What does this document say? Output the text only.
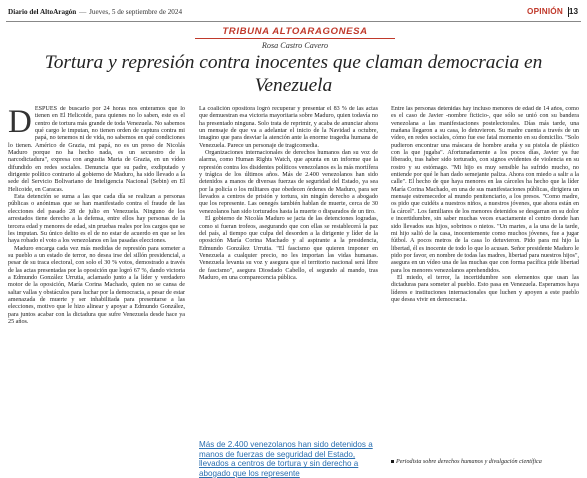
Diario del AltoAragón — Jueves, 5 de septiembre de 2024	OPINIÓN 13
TRIBUNA ALTOARAGONESA
Rosa Castro Cavero
Tortura y represión contra inocentes que claman democracia en Venezuela
D ESPUÉS de buscarlo por 24 horas nos enteramos que lo tienen en El Helicoide, para quienes no lo saben, este es el centro de tortura más grande de toda Venezuela. No sabemos qué cargo le imputan, no tienen orden de captura contra mi papá, no tenemos ni de vida, no sabemos en qué condiciones lo tienen. Américo de Grazia, mi papá, no es un preso de Nicolás Maduro porque no ha hecho nada, es un secuestro de la narcodictadura", expresa con angustia Marta de Grazia, en un vídeo difundido en redes sociales. Denuncia que su padre, exdiputado y dirigente político contrario al gobierno de Maduro, ha sido llevado a la sede del Servicio Bolivariano de Inteligencia Nacional (Sebin) en El Helicoide, en Caracas.

Esta detención se suma a las que cada día se realizan a personas públicas o anónimas que se han manifestado contra el fraude de las elecciones del pasado 28 de julio en Venezuela. Ninguno de los arrestados tiene derecho a la defensa, entre ellos hay personas de la tercera edad y menores de edad, sin pruebas reales por los cargos que se les imputan. Su único delito es el de no estar de acuerdo en que se les haya robado el voto a los venezolanos en las pasadas elecciones.

Maduro encarga cada vez más medidas de represión para someter a su pueblo a un estado de terror, no desea irse del sillón presidencial, a pesar de su traca electoral, con solo el 30 % votos, demostrado a través de las actas presentadas por la oposición que logró 67 %, dando victoria a Edmundo González Urrutia, aclamado junto a la líder y verdadero motor de la oposición, María Corina Machado, quien no se cansa de saltar vallas y obstáculos para luchar por la democracia, a pesar de estar amenazada de muerte y ser inhabilitada para presentarse a las elecciones, motivo que le hizo alinear y apoyar a Edmundo González, para juntos acabar con la dictadura que sufre Venezuela desde hace ya 25 años.

La coalición opositora logró recuperar y presentar el 83 % de las actas que demuestran esa victoria mayoritaria sobre Maduro, quien todavía no ha presentado ninguna. Solo trata de reprimir, y acaba de anunciar ahora un mensaje de que va a adelantar el inicio de la Navidad a octubre, imagino que para desviar la atención ante la enorme tragedia humana de Venezuela. Parece un personaje de tragicomedia.

Organizaciones internacionales de derechos humanos dan su voz de alarma, como Human Rights Watch, que apunta en un informe que la represión contra los disidentes políticos venezolanos es la más mortífera y trágica de los últimos años. Más de 2.400 venezolanos han sido detenidos a manos de diversas fuerzas de seguridad del Estado, ya sea por la policía o los militares que obedecen órdenes de Maduro, para ser llevados a centros de prisión y tortura, sin ningún derecho a abogado que los represente. Las oenegés también hablan de muerte, cerca de 30 venezolanos han sido torturados hasta la muerte o disparados de un tiro.

El gobierno de Nicolás Maduro se jacta de las detenciones logradas, como si fueran trofeos, asegurando que con ellas se restablecerá la paz del país, al tiempo que culpa del desorden a la dirigente y líder de la oposición María Corina Machado y al aspirante a la presidencia, Edmundo González Urrutia. "El fascismo que quieren imponer en Venezuela a cualquier precio, no les importan las vidas humanas. Venezuela levanta su voz y asegura que el territorio nacional será libre de fascismo", asegura Diosdado Cabello, el segundo al mando, tras Maduro, en una comparecencia pública.

Más de 2.400 venezolanos han sido detenidos a manos de fuerzas de seguridad del Estado, llevados a centros de tortura y sin derecho a abogado que los represente

Entre las personas detenidas hay incluso menores de edad de 14 años, como es el caso de Javier -nombre ficticio-, que sólo se unió con su bandera venezolana a las manifestaciones postelectorales. Días más tarde, una mañana llegaron a su casa, lo detuvieron. Su madre cuenta a través de un vídeo, en redes sociales, cómo fue ese fatal momento en su domicilio. "Solo pudieron encontrar una máscara de hombre araña y su pistola de plástico con la que jugaba". Afortunadamente a los pocos días, Javier ya fue liberado, tras haber sido torturado, con signos evidentes de violencia en su rostro y su estómago. "Mi hijo es muy sensible ha sufrido mucho, no entiende por qué le han dado semejante paliza. Ahora con miedo a salir a la calle". El hecho de que haya menores en las cárceles ha hecho que la líder María Corina Machado, en una de sus manifestaciones públicas, dirigiera un mensaje estremecedor al mundo penitenciario, a los presos. "Como madre, os pido que cuidéis a nuestros niños, a nuestros jóvenes, que ahora están en la cárcel". Los familiares de los menores detenidos se desgarran en su dolor e incertidumbre, sin saber muchas veces exactamente el centro donde han sido llevados sus hijos, sobrinos o nietos. "Un martes, a la una de la tarde, mi hijo salió de la casa, inocentemente como muchos jóvenes, fue a jugar fútbol. A pocos metros de la casa lo detuvieron. Pido para mi hijo la libertad, él es inocente de todo lo que lo acusan. Señor presidente Maduro le pido por favor, en nombre de todas las madres, libertad para nuestros hijos", asegura en un vídeo una de las muchas que con forma pacífica pide libertad para los menores venezolanos aprehendidos.

El miedo, el terror, la incertidumbre son elementos que usan las dictaduras para someter al pueblo. Esto pasa en Venezuela. Esperamos haya líderes e instituciones internacionales que luchen y apoyen a este pueblo que desea vivir en democracia.

Periodista sobre derechos humanos y divulgación científica
